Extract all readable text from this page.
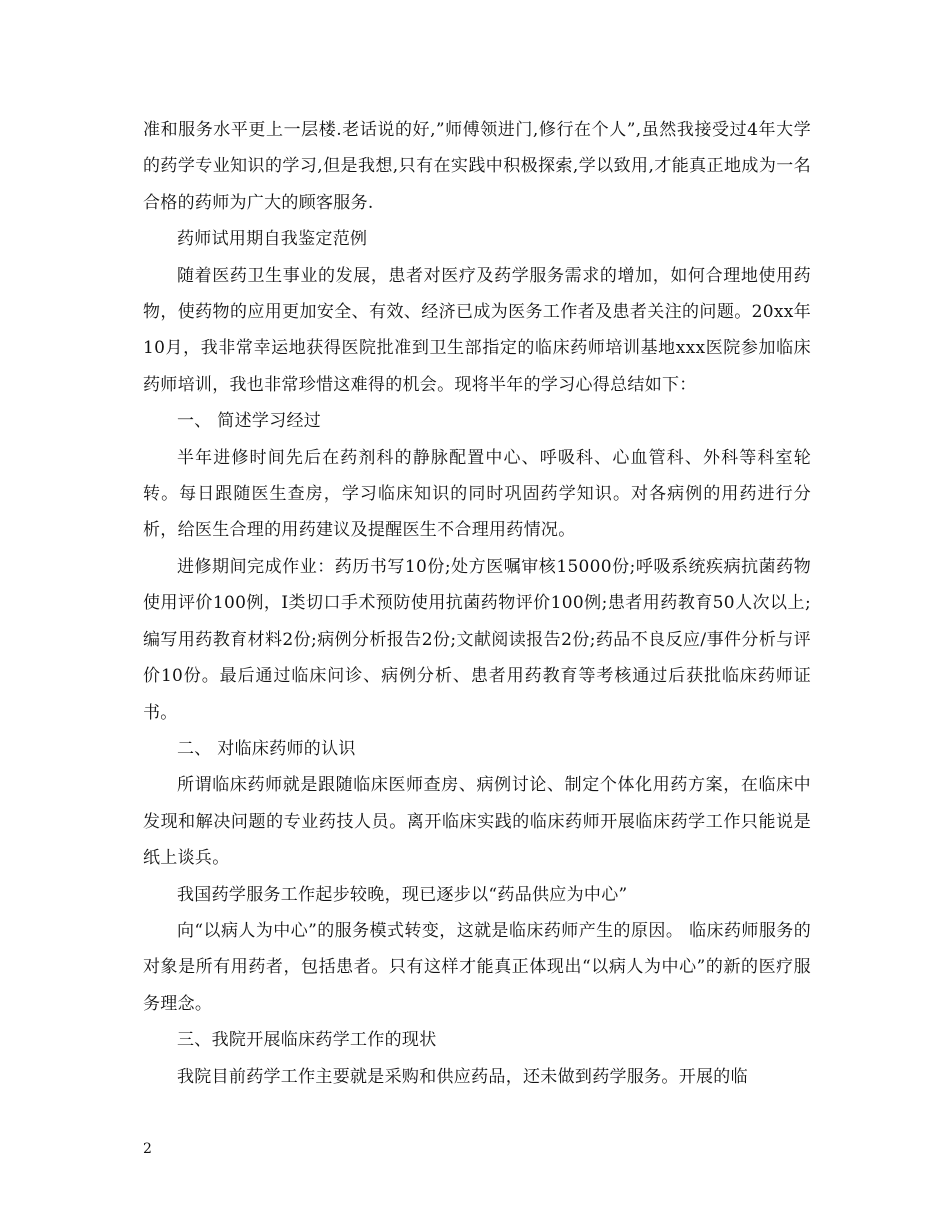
准和服务水平更上一层楼.老话说的好,”师傅领进门,修行在个人”,虽然我接受过4年大学的药学专业知识的学习,但是我想,只有在实践中积极探索,学以致用,才能真正地成为一名合格的药师为广大的顾客服务.

药师试用期自我鉴定范例

随着医药卫生事业的发展，患者对医疗及药学服务需求的增加，如何合理地使用药物，使药物的应用更加安全、有效、经济已成为医务工作者及患者关注的问题。20xx年10月，我非常幸运地获得医院批准到卫生部指定的临床药师培训基地xxx医院参加临床药师培训，我也非常珍惜这难得的机会。现将半年的学习心得总结如下：

一、 简述学习经过

半年进修时间先后在药剂科的静脉配置中心、呼吸科、心血管科、外科等科室轮转。每日跟随医生查房，学习临床知识的同时巩固药学知识。对各病例的用药进行分析，给医生合理的用药建议及提醒医生不合理用药情况。

进修期间完成作业：药历书写10份;处方医嘱审核15000份;呼吸系统疾病抗菌药物使用评价100例，I类切口手术预防使用抗菌药物评价100例;患者用药教育50人次以上;编写用药教育材料2份;病例分析报告2份;文献阅读报告2份;药品不良反应/事件分析与评价10份。最后通过临床问诊、病例分析、患者用药教育等考核通过后获批临床药师证书。

二、 对临床药师的认识

所谓临床药师就是跟随临床医师查房、病例讨论、制定个体化用药方案，在临床中发现和解决问题的专业药技人员。离开临床实践的临床药师开展临床药学工作只能说是纸上谈兵。

我国药学服务工作起步较晚，现已逐步以“药品供应为中心”

向“以病人为中心”的服务模式转变，这就是临床药师产生的原因。 临床药师服务的对象是所有用药者，包括患者。只有这样才能真正体现出“以病人为中心”的新的医疗服务理念。

三、我院开展临床药学工作的现状

我院目前药学工作主要就是采购和供应药品，还未做到药学服务。开展的临

2
